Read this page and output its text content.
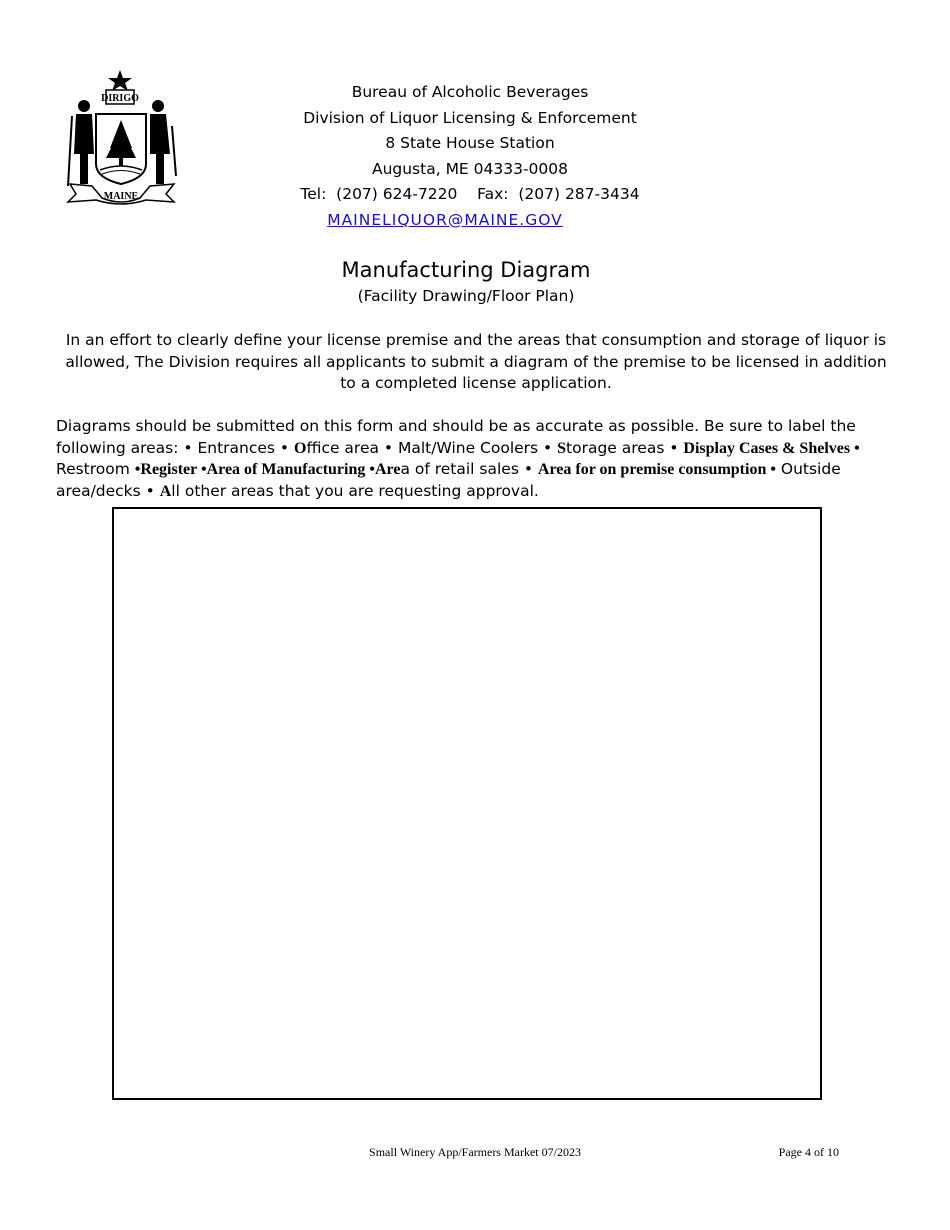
DIRIGO
MAINE
Bureau of Alcoholic Beverages
Division of Liquor Licensing & Enforcement
8 State House Station
Augusta, ME 04333-0008
Tel:  (207) 624-7220    Fax:  (207) 287-3434
MAINELIQUOR@MAINE.GOV
Manufacturing Diagram
(Facility Drawing/Floor Plan)
In an effort to clearly define your license premise and the areas that consumption and storage of liquor is allowed, The Division requires all applicants to submit a diagram of the premise to be licensed in addition to a completed license application.
Diagrams should be submitted on this form and should be as accurate as possible. Be sure to label the following areas: • Entrances • Office area • Malt/Wine Coolers • Storage areas • Display Cases & Shelves • Restroom •Register •Area of Manufacturing •Area of retail sales • Area for on premise consumption • Outside area/decks • All other areas that you are requesting approval.
Small Winery App/Farmers Market 07/2023	Page 4 of 10
